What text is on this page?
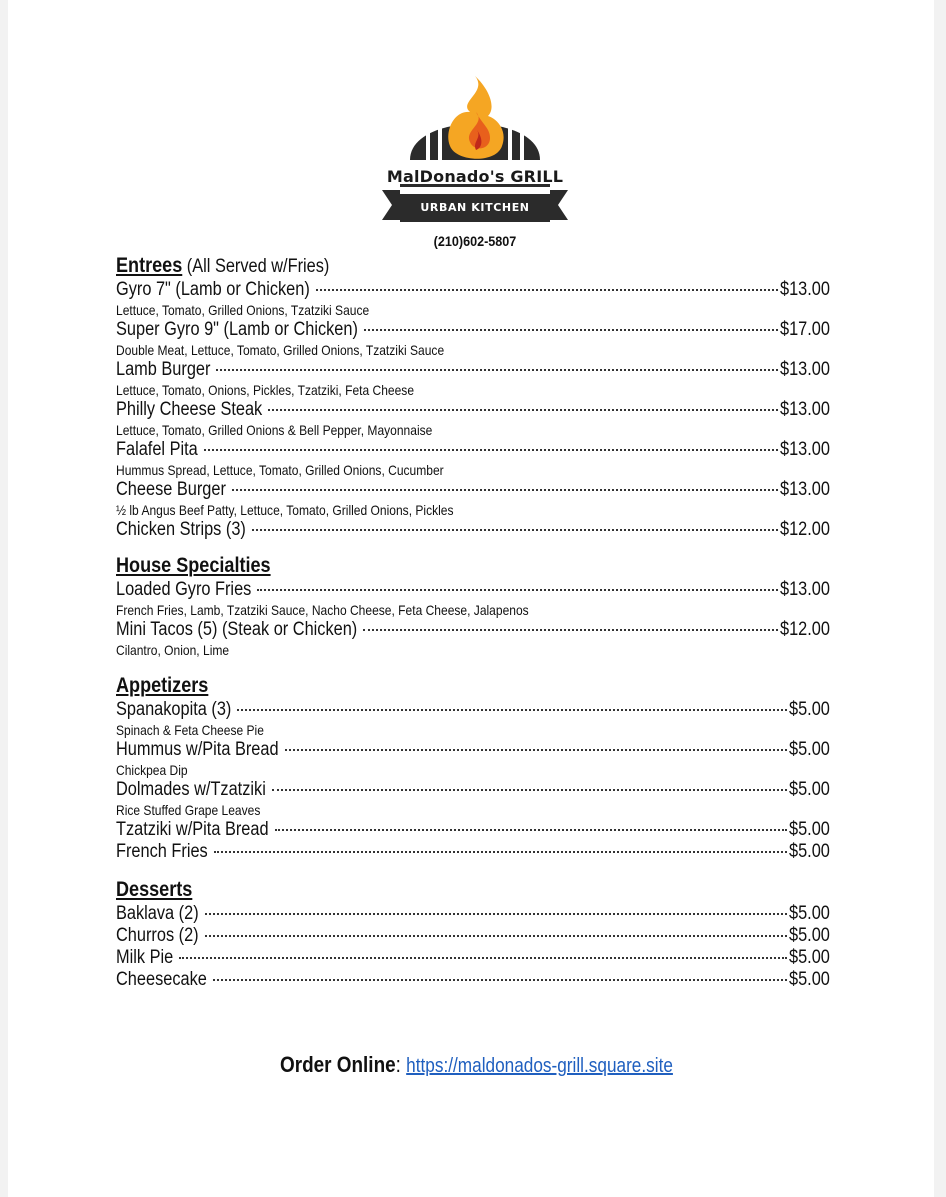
MalDonado's GRILL
URBAN KITCHEN
(210)602-5807
Entrees (All Served w/Fries)
Gyro 7" (Lamb or Chicken)	$13.00
Lettuce, Tomato, Grilled Onions, Tzatziki Sauce
Super Gyro 9" (Lamb or Chicken)	$17.00
Double Meat, Lettuce, Tomato, Grilled Onions, Tzatziki Sauce
Lamb Burger	$13.00
Lettuce, Tomato, Onions, Pickles, Tzatziki, Feta Cheese
Philly Cheese Steak	$13.00
Lettuce, Tomato, Grilled Onions & Bell Pepper, Mayonnaise
Falafel Pita	$13.00
Hummus Spread, Lettuce, Tomato, Grilled Onions, Cucumber
Cheese Burger	$13.00
½ lb Angus Beef Patty, Lettuce, Tomato, Grilled Onions, Pickles
Chicken Strips (3)	$12.00
House Specialties
Loaded Gyro Fries	$13.00
French Fries, Lamb, Tzatziki Sauce, Nacho Cheese, Feta Cheese, Jalapenos
Mini Tacos (5) (Steak or Chicken)	$12.00
Cilantro, Onion, Lime
Appetizers
Spanakopita (3)	$5.00
Spinach & Feta Cheese Pie
Hummus w/Pita Bread	$5.00
Chickpea Dip
Dolmades w/Tzatziki	$5.00
Rice Stuffed Grape Leaves
Tzatziki w/Pita Bread	$5.00
French Fries	$5.00
Desserts
Baklava (2)	$5.00
Churros (2)	$5.00
Milk Pie	$5.00
Cheesecake	$5.00
Order Online: https://maldonados-grill.square.site
